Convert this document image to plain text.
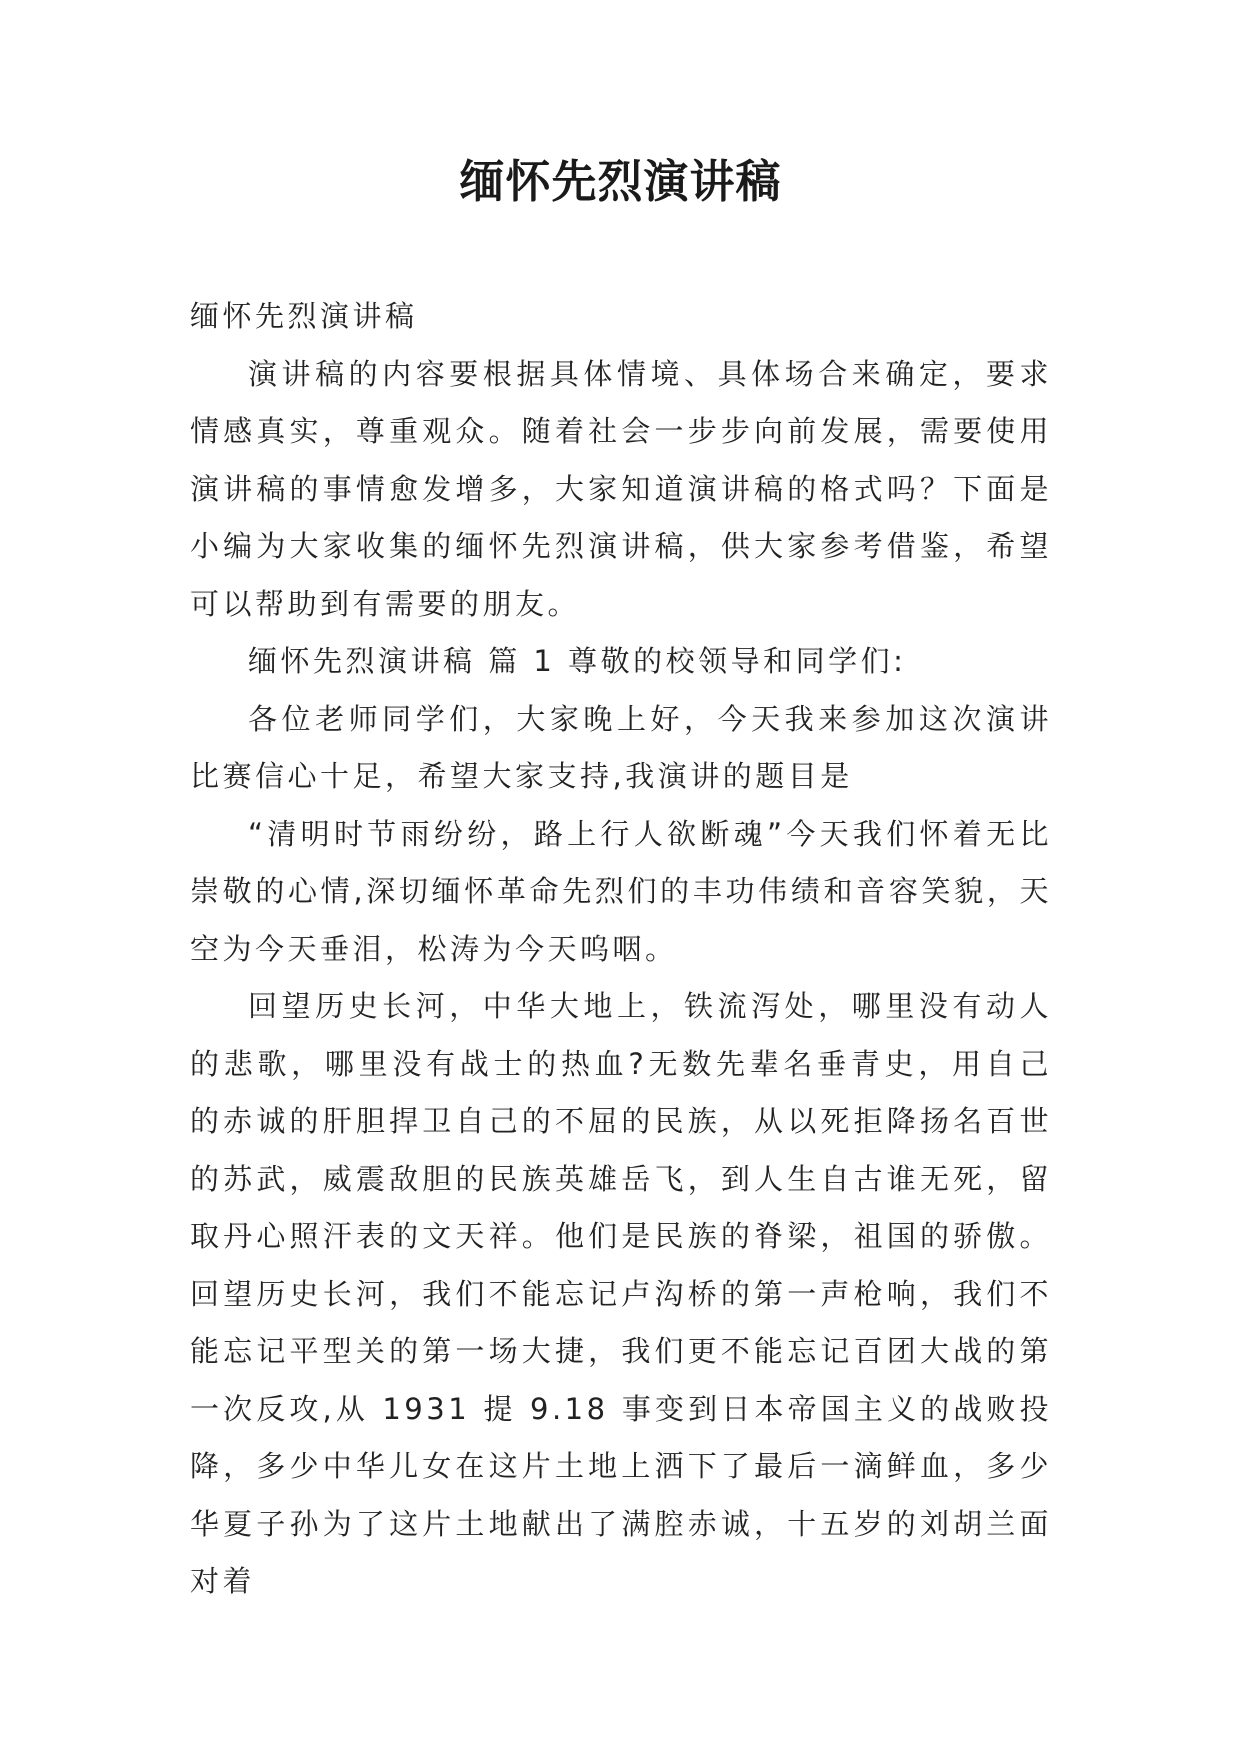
缅怀先烈演讲稿

缅怀先烈演讲稿

演讲稿的内容要根据具体情境、具体场合来确定，要求情感真实，尊重观众。随着社会一步步向前发展，需要使用演讲稿的事情愈发增多，大家知道演讲稿的格式吗？下面是小编为大家收集的缅怀先烈演讲稿，供大家参考借鉴，希望可以帮助到有需要的朋友。

缅怀先烈演讲稿 篇 1 尊敬的校领导和同学们:

各位老师同学们，大家晚上好，今天我来参加这次演讲比赛信心十足，希望大家支持,我演讲的题目是

“清明时节雨纷纷，路上行人欲断魂”今天我们怀着无比崇敬的心情,深切缅怀革命先烈们的丰功伟绩和音容笑貌，天空为今天垂泪，松涛为今天呜咽。

回望历史长河，中华大地上，铁流泻处，哪里没有动人的悲歌，哪里没有战士的热血?无数先辈名垂青史，用自己的赤诚的肝胆捍卫自己的不屈的民族，从以死拒降扬名百世的苏武，威震敌胆的民族英雄岳飞，到人生自古谁无死，留取丹心照汗表的文天祥。他们是民族的脊梁，祖国的骄傲。回望历史长河，我们不能忘记卢沟桥的第一声枪响，我们不能忘记平型关的第一场大捷，我们更不能忘记百团大战的第一次反攻,从 1931 提 9.18 事变到日本帝国主义的战败投降，多少中华儿女在这片土地上洒下了最后一滴鲜血，多少华夏子孙为了这片土地献出了满腔赤诚，十五岁的刘胡兰面对着
